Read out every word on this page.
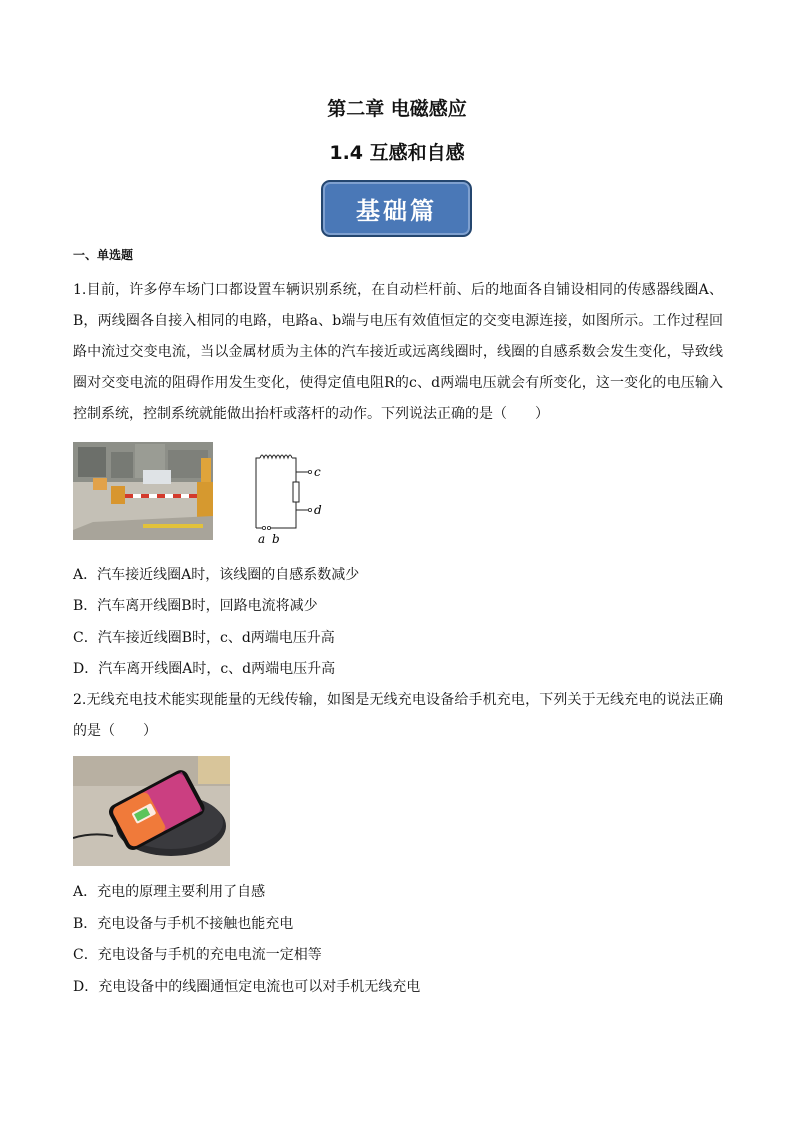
第二章 电磁感应
1.4 互感和自感
基础篇
一、单选题
1.目前，许多停车场门口都设置车辆识别系统，在自动栏杆前、后的地面各自铺设相同的传感器线圈A、B，两线圈各自接入相同的电路，电路a、b端与电压有效值恒定的交变电源连接，如图所示。工作过程回路中流过交变电流，当以金属材质为主体的汽车接近或远离线圈时，线圈的自感系数会发生变化，导致线圈对交变电流的阻碍作用发生变化，使得定值电阻R的c、d两端电压就会有所变化，这一变化的电压输入控制系统，控制系统就能做出抬杆或落杆的动作。下列说法正确的是（　　）
c
d
a b
A．汽车接近线圈A时，该线圈的自感系数减少
B．汽车离开线圈B时，回路电流将减少
C．汽车接近线圈B时，c、d两端电压升高
D．汽车离开线圈A时，c、d两端电压升高
2.无线充电技术能实现能量的无线传输，如图是无线充电设备给手机充电，下列关于无线充电的说法正确的是（　　）
A．充电的原理主要利用了自感
B．充电设备与手机不接触也能充电
C．充电设备与手机的充电电流一定相等
D．充电设备中的线圈通恒定电流也可以对手机无线充电
